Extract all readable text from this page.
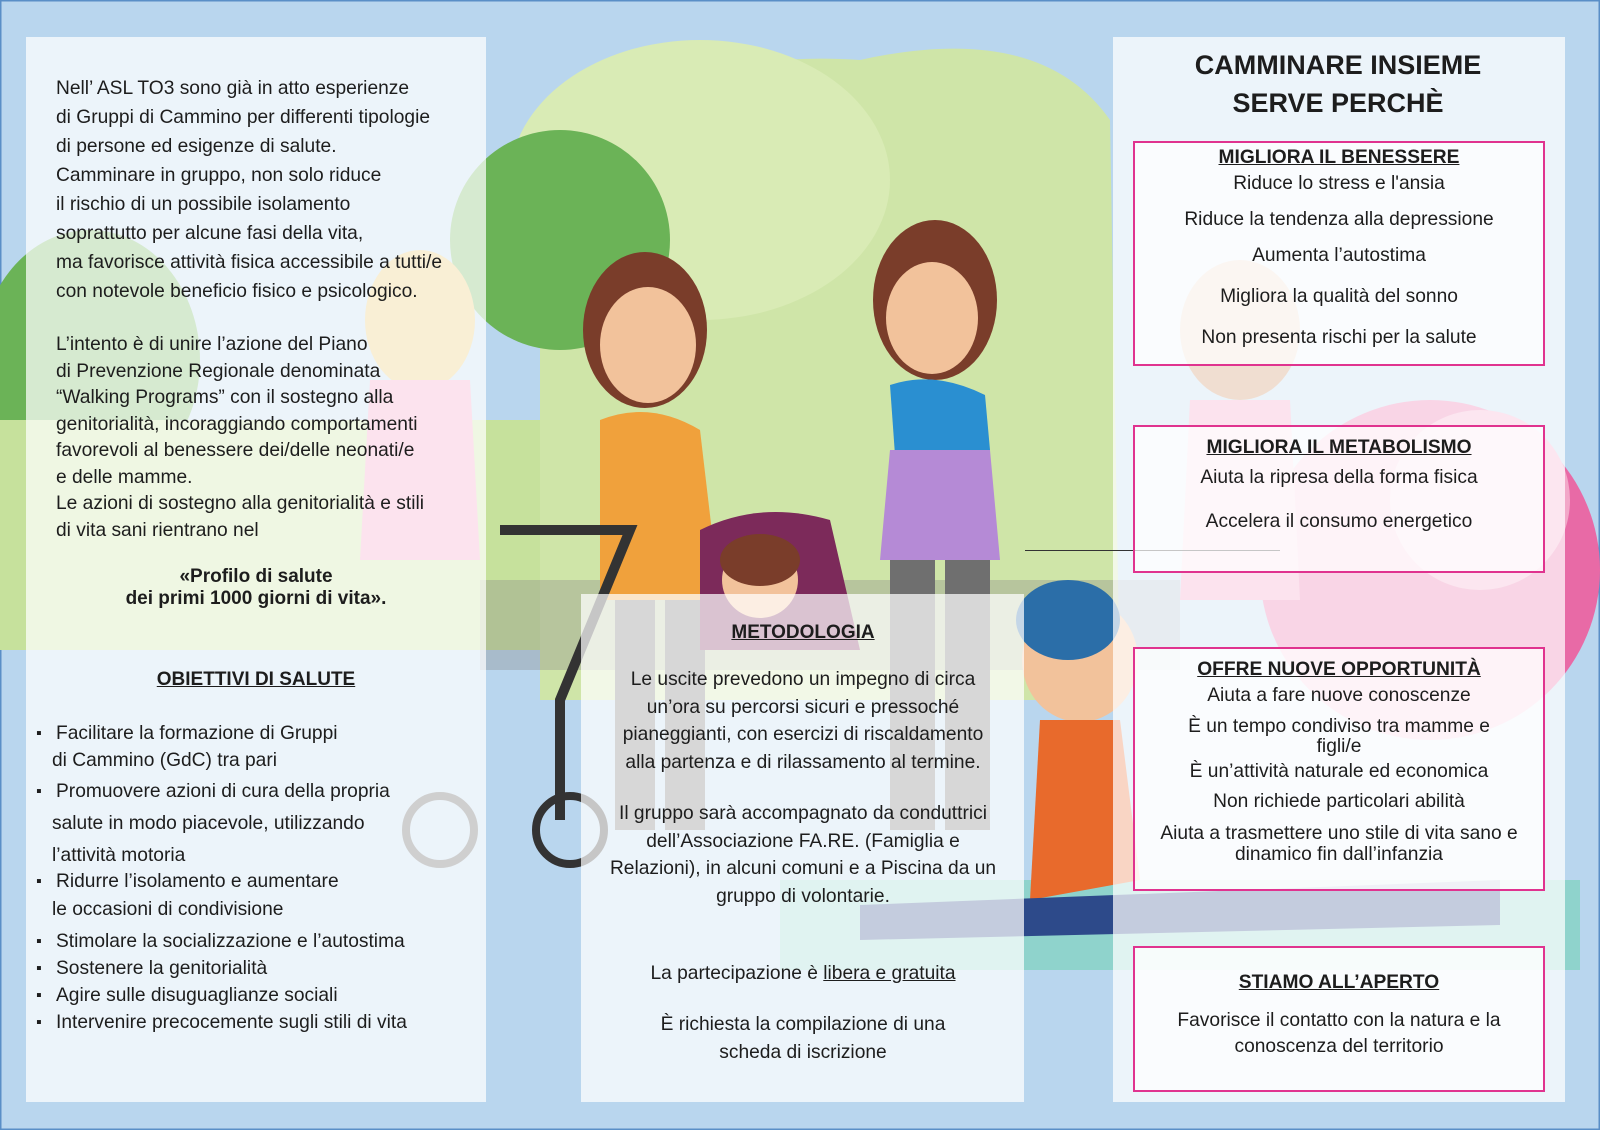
Nell’ ASL TO3 sono già in atto esperienze
di Gruppi di Cammino per differenti tipologie
di persone ed esigenze di salute.
Camminare in gruppo, non solo riduce
il rischio di un possibile isolamento
soprattutto per alcune fasi della vita,
ma favorisce attività fisica accessibile a tutti/e
con notevole beneficio fisico e psicologico.

L’intento è di unire l’azione del Piano
di Prevenzione Regionale denominata
“Walking Programs” con il sostegno alla
genitorialità, incoraggiando comportamenti
favorevoli al benessere dei/delle neonati/e
e delle mamme.
Le azioni di sostegno alla genitorialità e stili
di vita sani rientrano nel

«Profilo di salute
dei primi 1000 giorni di vita».
OBIETTIVI DI SALUTE
▪ Facilitare la formazione di Gruppi
di Cammino (GdC) tra pari
▪ Promuovere azioni di cura della propria
salute in modo piacevole, utilizzando
l’attività motoria
▪ Ridurre l’isolamento e aumentare
le occasioni di condivisione
▪ Stimolare la socializzazione e l’autostima
▪ Sostenere la genitorialità
▪ Agire sulle disuguaglianze sociali
▪ Intervenire precocemente sugli stili di vita
METODOLOGIA
Le uscite prevedono un impegno di circa
un’ora su percorsi sicuri e pressoché
pianeggianti, con esercizi di riscaldamento
alla partenza e di rilassamento al termine.
Il gruppo sarà accompagnato da conduttrici
dell’Associazione FA.RE. (Famiglia e
Relazioni), in alcuni comuni e a Piscina da un
gruppo di volontarie.
La partecipazione è libera e gratuita
È richiesta la compilazione di una
scheda di iscrizione
CAMMINARE INSIEME
SERVE PERCHÈ
MIGLIORA IL BENESSERE
Riduce lo stress e l'ansia
Riduce la tendenza alla depressione
Aumenta l’autostima
Migliora la qualità del sonno
Non presenta rischi per la salute
MIGLIORA IL METABOLISMO
Aiuta la ripresa della forma fisica
Accelera il consumo energetico
OFFRE NUOVE OPPORTUNITÀ
Aiuta a fare nuove conoscenze
È un tempo condiviso tra mamme e figli/e
È un’attività naturale ed economica
Non richiede particolari abilità
Aiuta a trasmettere uno stile di vita sano e dinamico fin dall’infanzia
STIAMO ALL’APERTO
Favorisce il contatto con la natura e la conoscenza del territorio
